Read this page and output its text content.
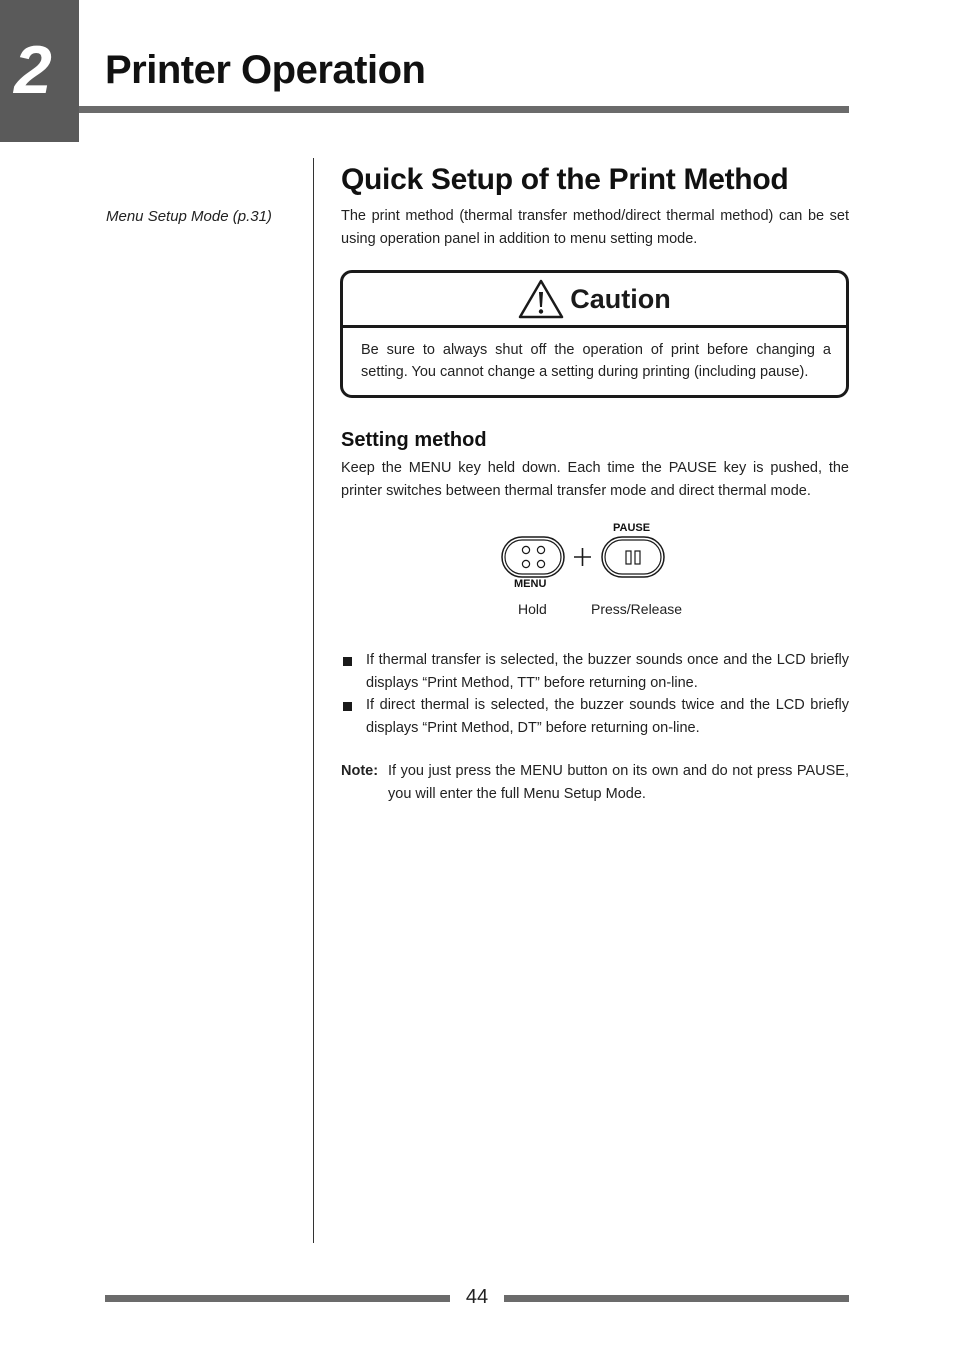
2 Printer Operation
Menu Setup Mode (p.31)
Quick Setup of the Print Method
The print method (thermal transfer method/direct thermal method) can be set using operation panel in addition to menu setting mode.
Caution
Be sure to always shut off the operation of print before changing a setting. You cannot change a setting during printing (including pause).
Setting method
Keep the MENU key held down. Each time the PAUSE key is pushed, the printer switches between thermal transfer mode and direct thermal mode.
PAUSE
MENU
Hold	Press/Release
If thermal transfer is selected, the buzzer sounds once and the LCD briefly displays “Print Method, TT” before returning on-line.
If direct thermal is selected, the buzzer sounds twice and the LCD briefly displays “Print Method, DT” before returning on-line.
Note: If you just press the MENU button on its own and do not press PAUSE, you will enter the full Menu Setup Mode.
44
